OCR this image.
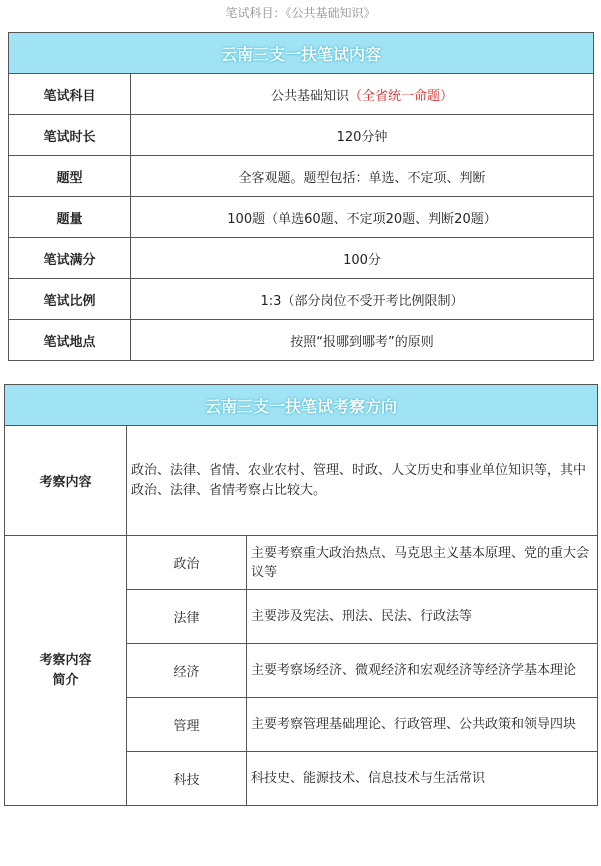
笔试科目：《公共基础知识》
云南三支一扶笔试内容	
笔试科目	公共基础知识（全省统一命题）
笔试时长	120分钟
题型	全客观题。题型包括：单选、不定项、判断
题量	100题（单选60题、不定项20题、判断20题）
笔试满分	100分
笔试比例	1:3（部分岗位不受开考比例限制）
笔试地点	按照“报哪到哪考”的原则
云南三支一扶笔试考察方向		
考察内容	政治、法律、省情、农业农村、管理、时政、人文历史和事业单位知识等，其中政治、法律、省情考察占比较大。	
考察内容简介	政治	主要考察重大政治热点、马克思主义基本原理、党的重大会议等
	法律	主要涉及宪法、刑法、民法、行政法等
	经济	主要考察场经济、微观经济和宏观经济等经济学基本理论
	管理	主要考察管理基础理论、行政管理、公共政策和领导四块
	科技	科技史、能源技术、信息技术与生活常识
